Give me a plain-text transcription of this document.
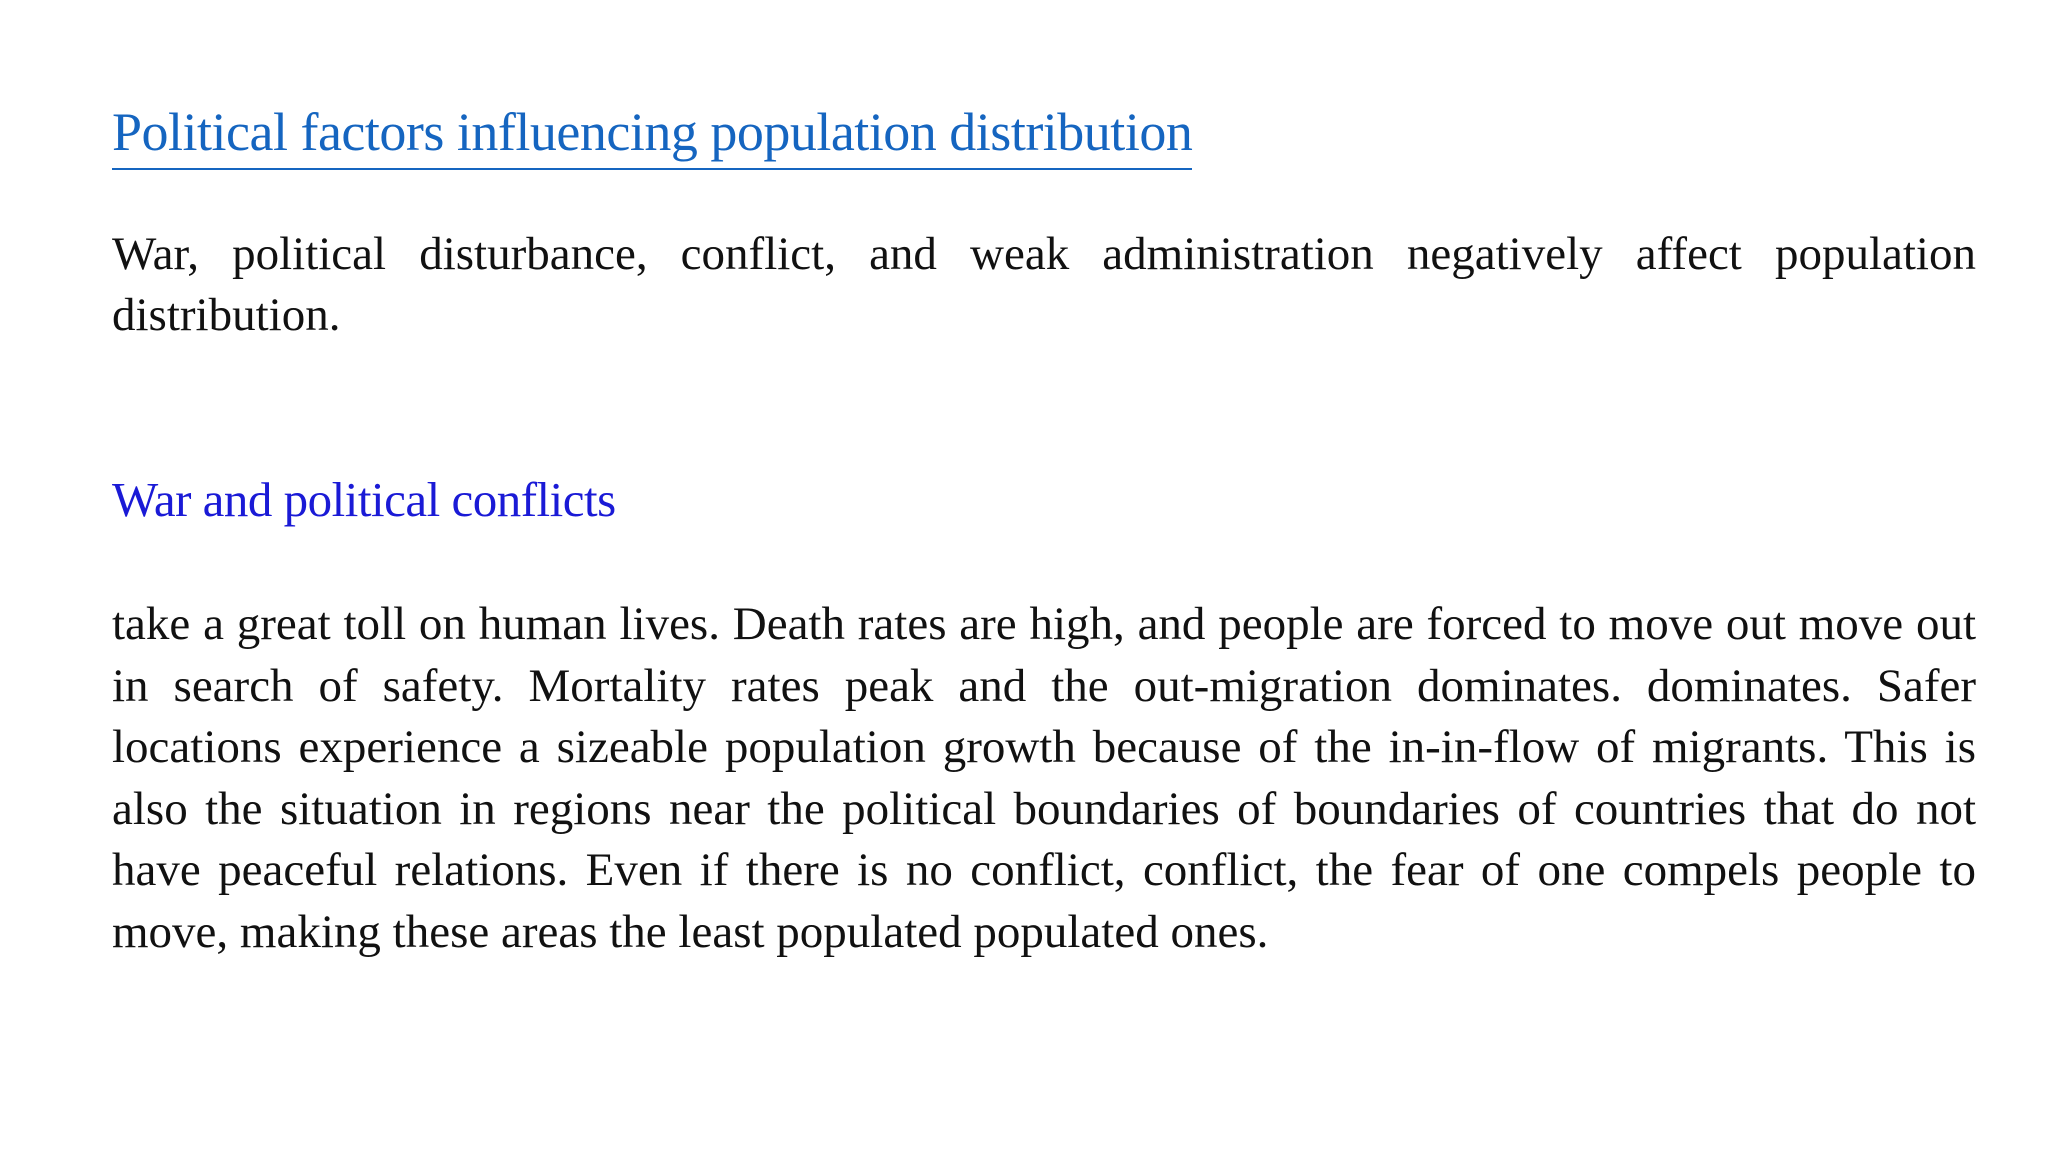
Political factors influencing population distribution

War, political disturbance, conflict, and weak administration negatively affect population distribution.

War and political conflicts

take a great toll on human lives. Death rates are high, and people are forced to move out move out in search of safety. Mortality rates peak and the out-migration dominates. dominates. Safer locations experience a sizeable population growth because of the in-in-flow of migrants. This is also the situation in regions near the political boundaries of boundaries of countries that do not have peaceful relations. Even if there is no conflict, conflict, the fear of one compels people to move, making these areas the least populated populated ones.
